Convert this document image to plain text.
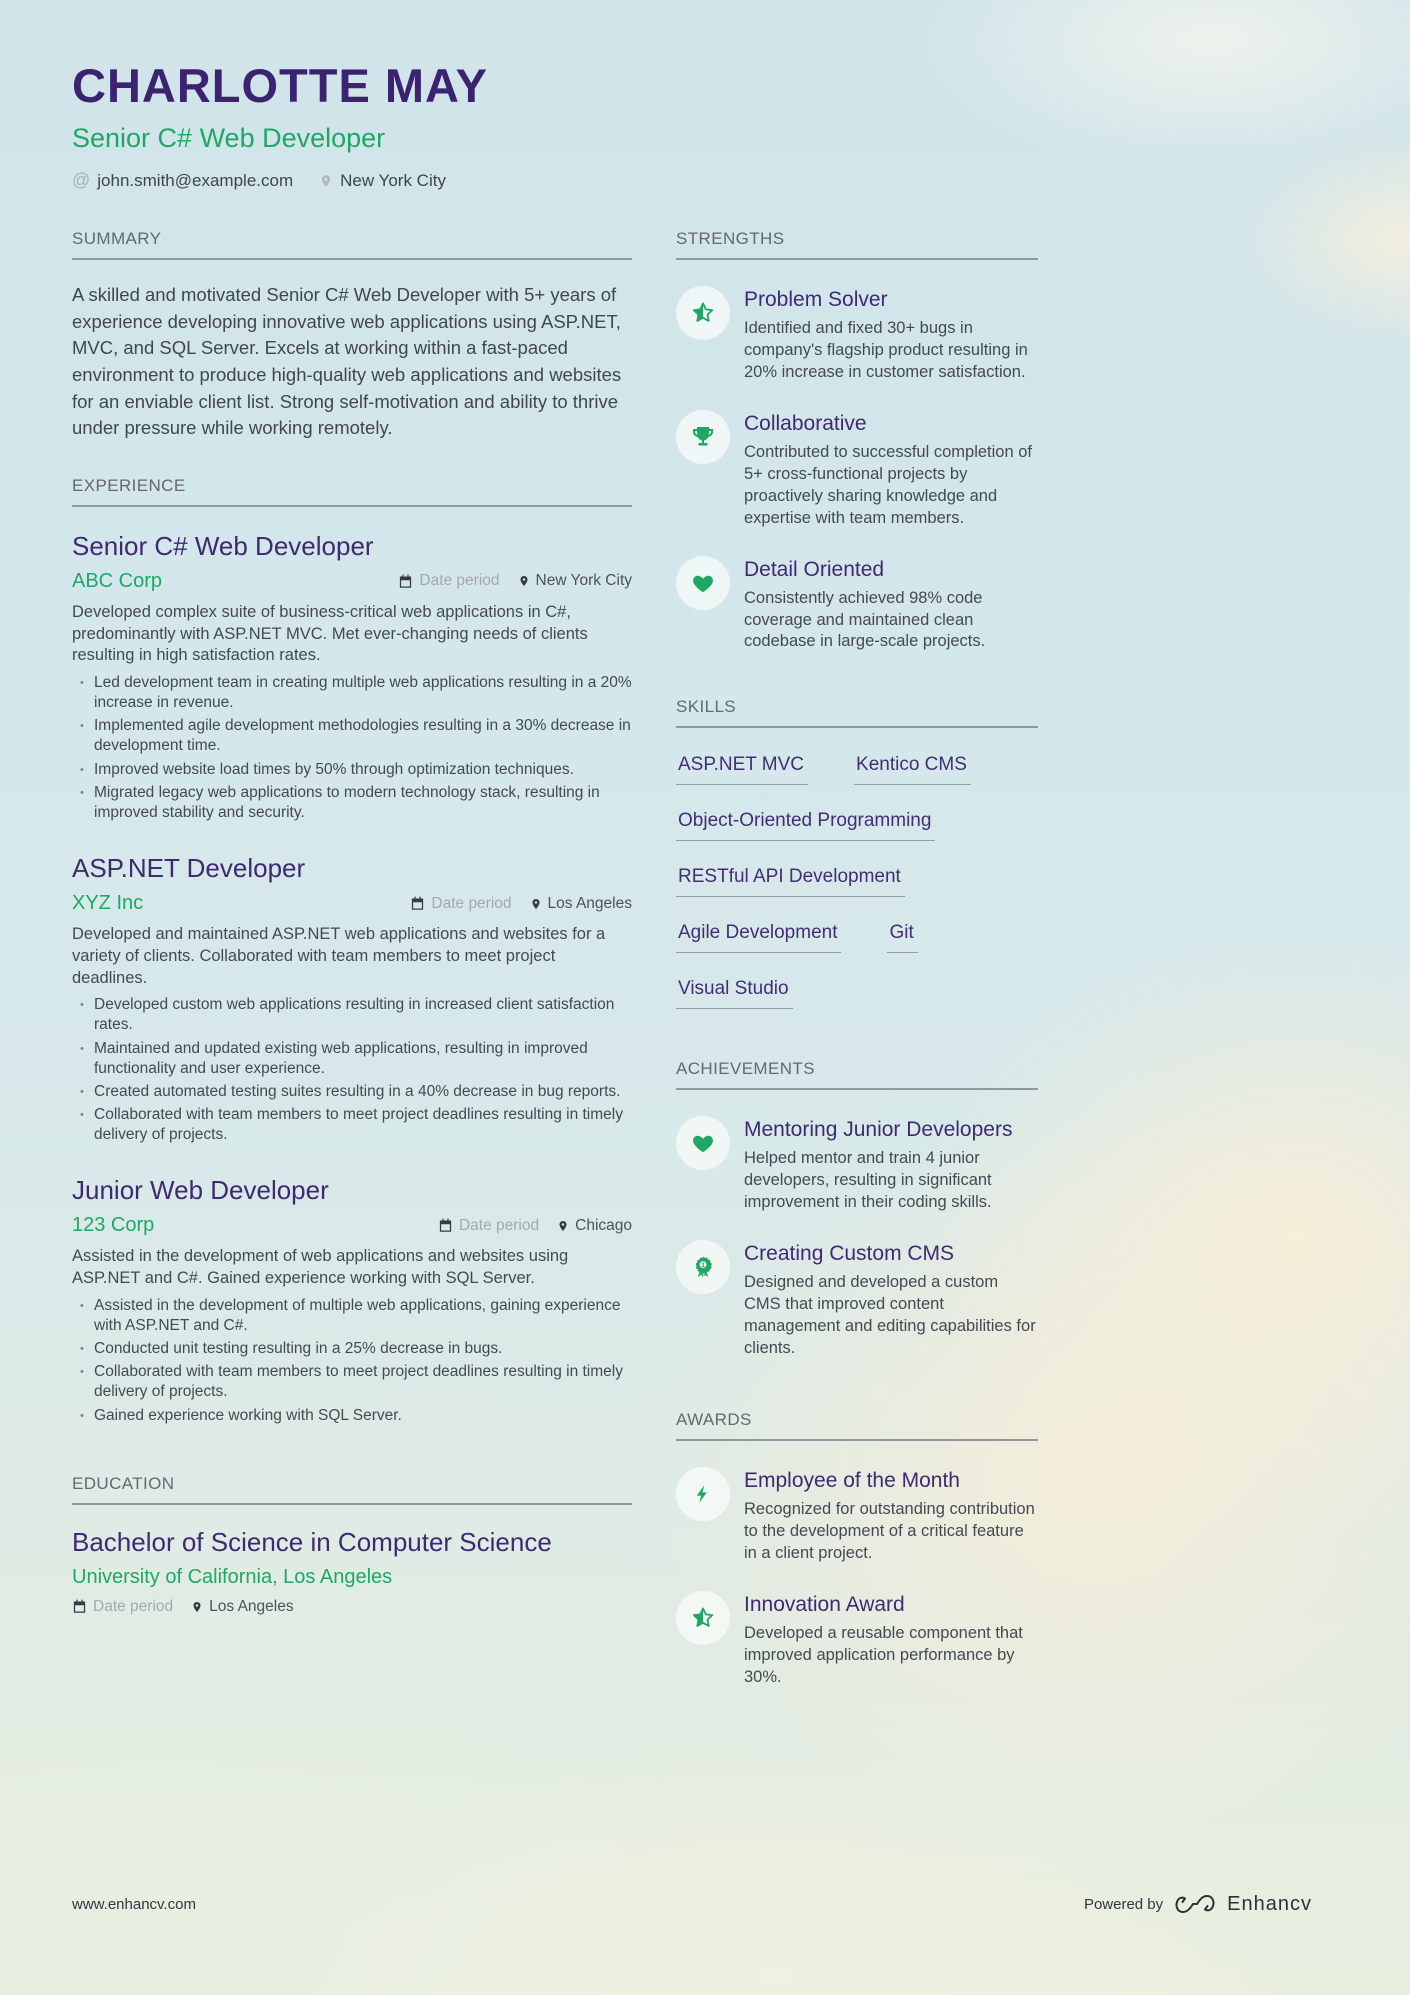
CHARLOTTE MAY
Senior C# Web Developer
@ john.smith@example.com	New York City
SUMMARY
A skilled and motivated Senior C# Web Developer with 5+ years of experience developing innovative web applications using ASP.NET, MVC, and SQL Server. Excels at working within a fast-paced environment to produce high-quality web applications and websites for an enviable client list. Strong self-motivation and ability to thrive under pressure while working remotely.
EXPERIENCE
Senior C# Web Developer
ABC Corp	Date period New York City
Developed complex suite of business-critical web applications in C#, predominantly with ASP.NET MVC. Met ever-changing needs of clients resulting in high satisfaction rates.
• Led development team in creating multiple web applications resulting in a 20% increase in revenue.
• Implemented agile development methodologies resulting in a 30% decrease in development time.
• Improved website load times by 50% through optimization techniques.
• Migrated legacy web applications to modern technology stack, resulting in improved stability and security.
ASP.NET Developer
XYZ Inc	Date period Los Angeles
Developed and maintained ASP.NET web applications and websites for a variety of clients. Collaborated with team members to meet project deadlines.
• Developed custom web applications resulting in increased client satisfaction rates.
• Maintained and updated existing web applications, resulting in improved functionality and user experience.
• Created automated testing suites resulting in a 40% decrease in bug reports.
• Collaborated with team members to meet project deadlines resulting in timely delivery of projects.
Junior Web Developer
123 Corp	Date period Chicago
Assisted in the development of web applications and websites using ASP.NET and C#. Gained experience working with SQL Server.
• Assisted in the development of multiple web applications, gaining experience with ASP.NET and C#.
• Conducted unit testing resulting in a 25% decrease in bugs.
• Collaborated with team members to meet project deadlines resulting in timely delivery of projects.
• Gained experience working with SQL Server.
EDUCATION
Bachelor of Science in Computer Science
University of California, Los Angeles
Date period Los Angeles
STRENGTHS
Problem Solver
Identified and fixed 30+ bugs in company's flagship product resulting in 20% increase in customer satisfaction.
Collaborative
Contributed to successful completion of 5+ cross-functional projects by proactively sharing knowledge and expertise with team members.
Detail Oriented
Consistently achieved 98% code coverage and maintained clean codebase in large-scale projects.
SKILLS
ASP.NET MVC	Kentico CMS
Object-Oriented Programming
RESTful API Development
Agile Development	Git
Visual Studio
ACHIEVEMENTS
Mentoring Junior Developers
Helped mentor and train 4 junior developers, resulting in significant improvement in their coding skills.
1
Creating Custom CMS
Designed and developed a custom CMS that improved content management and editing capabilities for clients.
AWARDS
Employee of the Month
Recognized for outstanding contribution to the development of a critical feature in a client project.
Innovation Award
Developed a reusable component that improved application performance by 30%.
www.enhancv.com	Powered by	Enhancv
